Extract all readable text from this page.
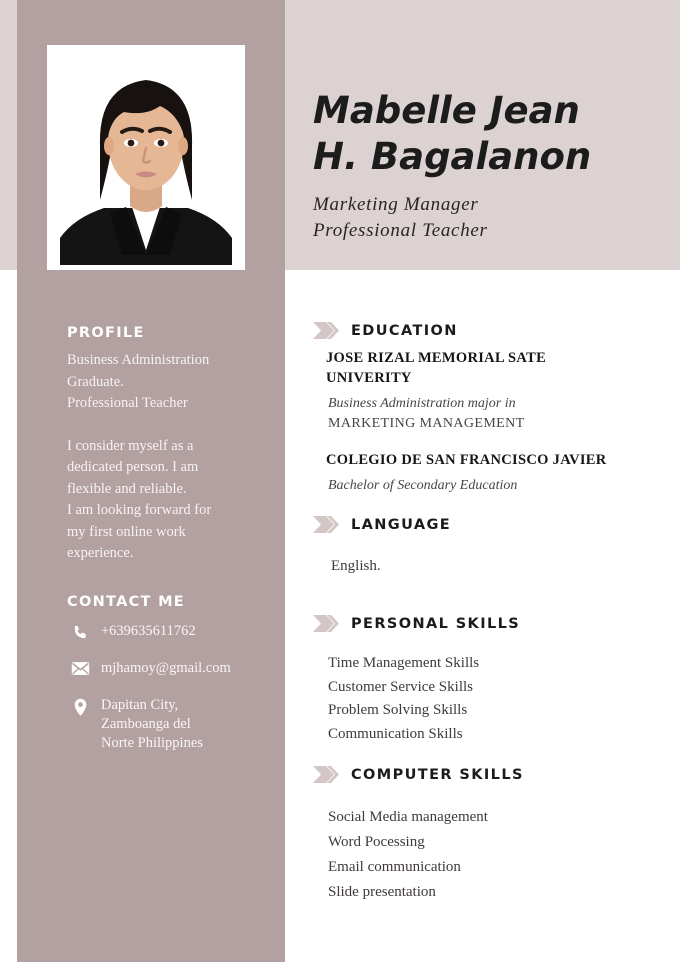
Mabelle Jean
H. Bagalanon
Marketing Manager
Professional Teacher
PROFILE

Business Administration

Graduate.

Professional Teacher

I consider myself as a

dedicated person. I am

flexible and reliable.

I am looking forward for

my first online work

experience.

CONTACT ME
+639635611762
mjhamoy@gmail.com
Dapitan City,
Zamboanga del
Norte Philippines
EDUCATION
JOSE RIZAL MEMORIAL SATE
UNIVERITY
Business Administration major in
MARKETING MANAGEMENT
COLEGIO DE SAN FRANCISCO JAVIER
Bachelor of Secondary Education
LANGUAGE
English.
PERSONAL SKILLS
Time Management Skills
Customer Service Skills
Problem Solving Skills
Communication Skills
COMPUTER SKILLS
Social Media management
Word Pocessing
Email communication
Slide presentation
